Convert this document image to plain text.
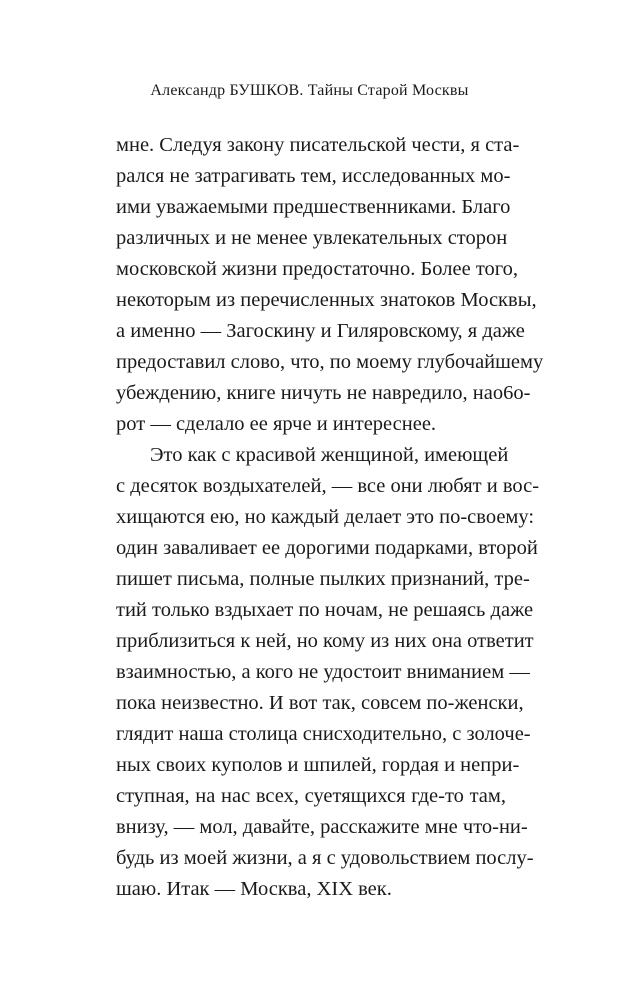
Александр БУШКОВ. Тайны Старой Москвы
мне. Следуя закону писательской чести, я ста-
рался не затрагивать тем, исследованных мо-
ими уважаемыми предшественниками. Благо
различных и не менее увлекательных сторон
московской жизни предостаточно. Более того,
некоторым из перечисленных знатоков Москвы,
а именно — Загоскину и Гиляровскому, я даже
предоставил слово, что, по моему глубочайшему
убеждению, книге ничуть не навредило, нао6о-
рот — сделало ее ярче и интереснее.
Это как с красивой женщиной, имеющей
с десяток воздыхателей, — все они любят и вос-
хищаются ею, но каждый делает это по-своему:
один заваливает ее дорогими подарками, второй
пишет письма, полные пылких признаний, тре-
тий только вздыхает по ночам, не решаясь даже
приблизиться к ней, но кому из них она ответит
взаимностью, а кого не удостоит вниманием —
пока неизвестно. И вот так, совсем по-женски,
глядит наша столица снисходительно, с золоче-
ных своих куполов и шпилей, гордая и непри-
ступная, на нас всех, суетящихся где-то там,
внизу, — мол, давайте, расскажите мне что-ни-
будь из моей жизни, а я с удовольствием послу-
шаю. Итак — Москва, XIX век.
